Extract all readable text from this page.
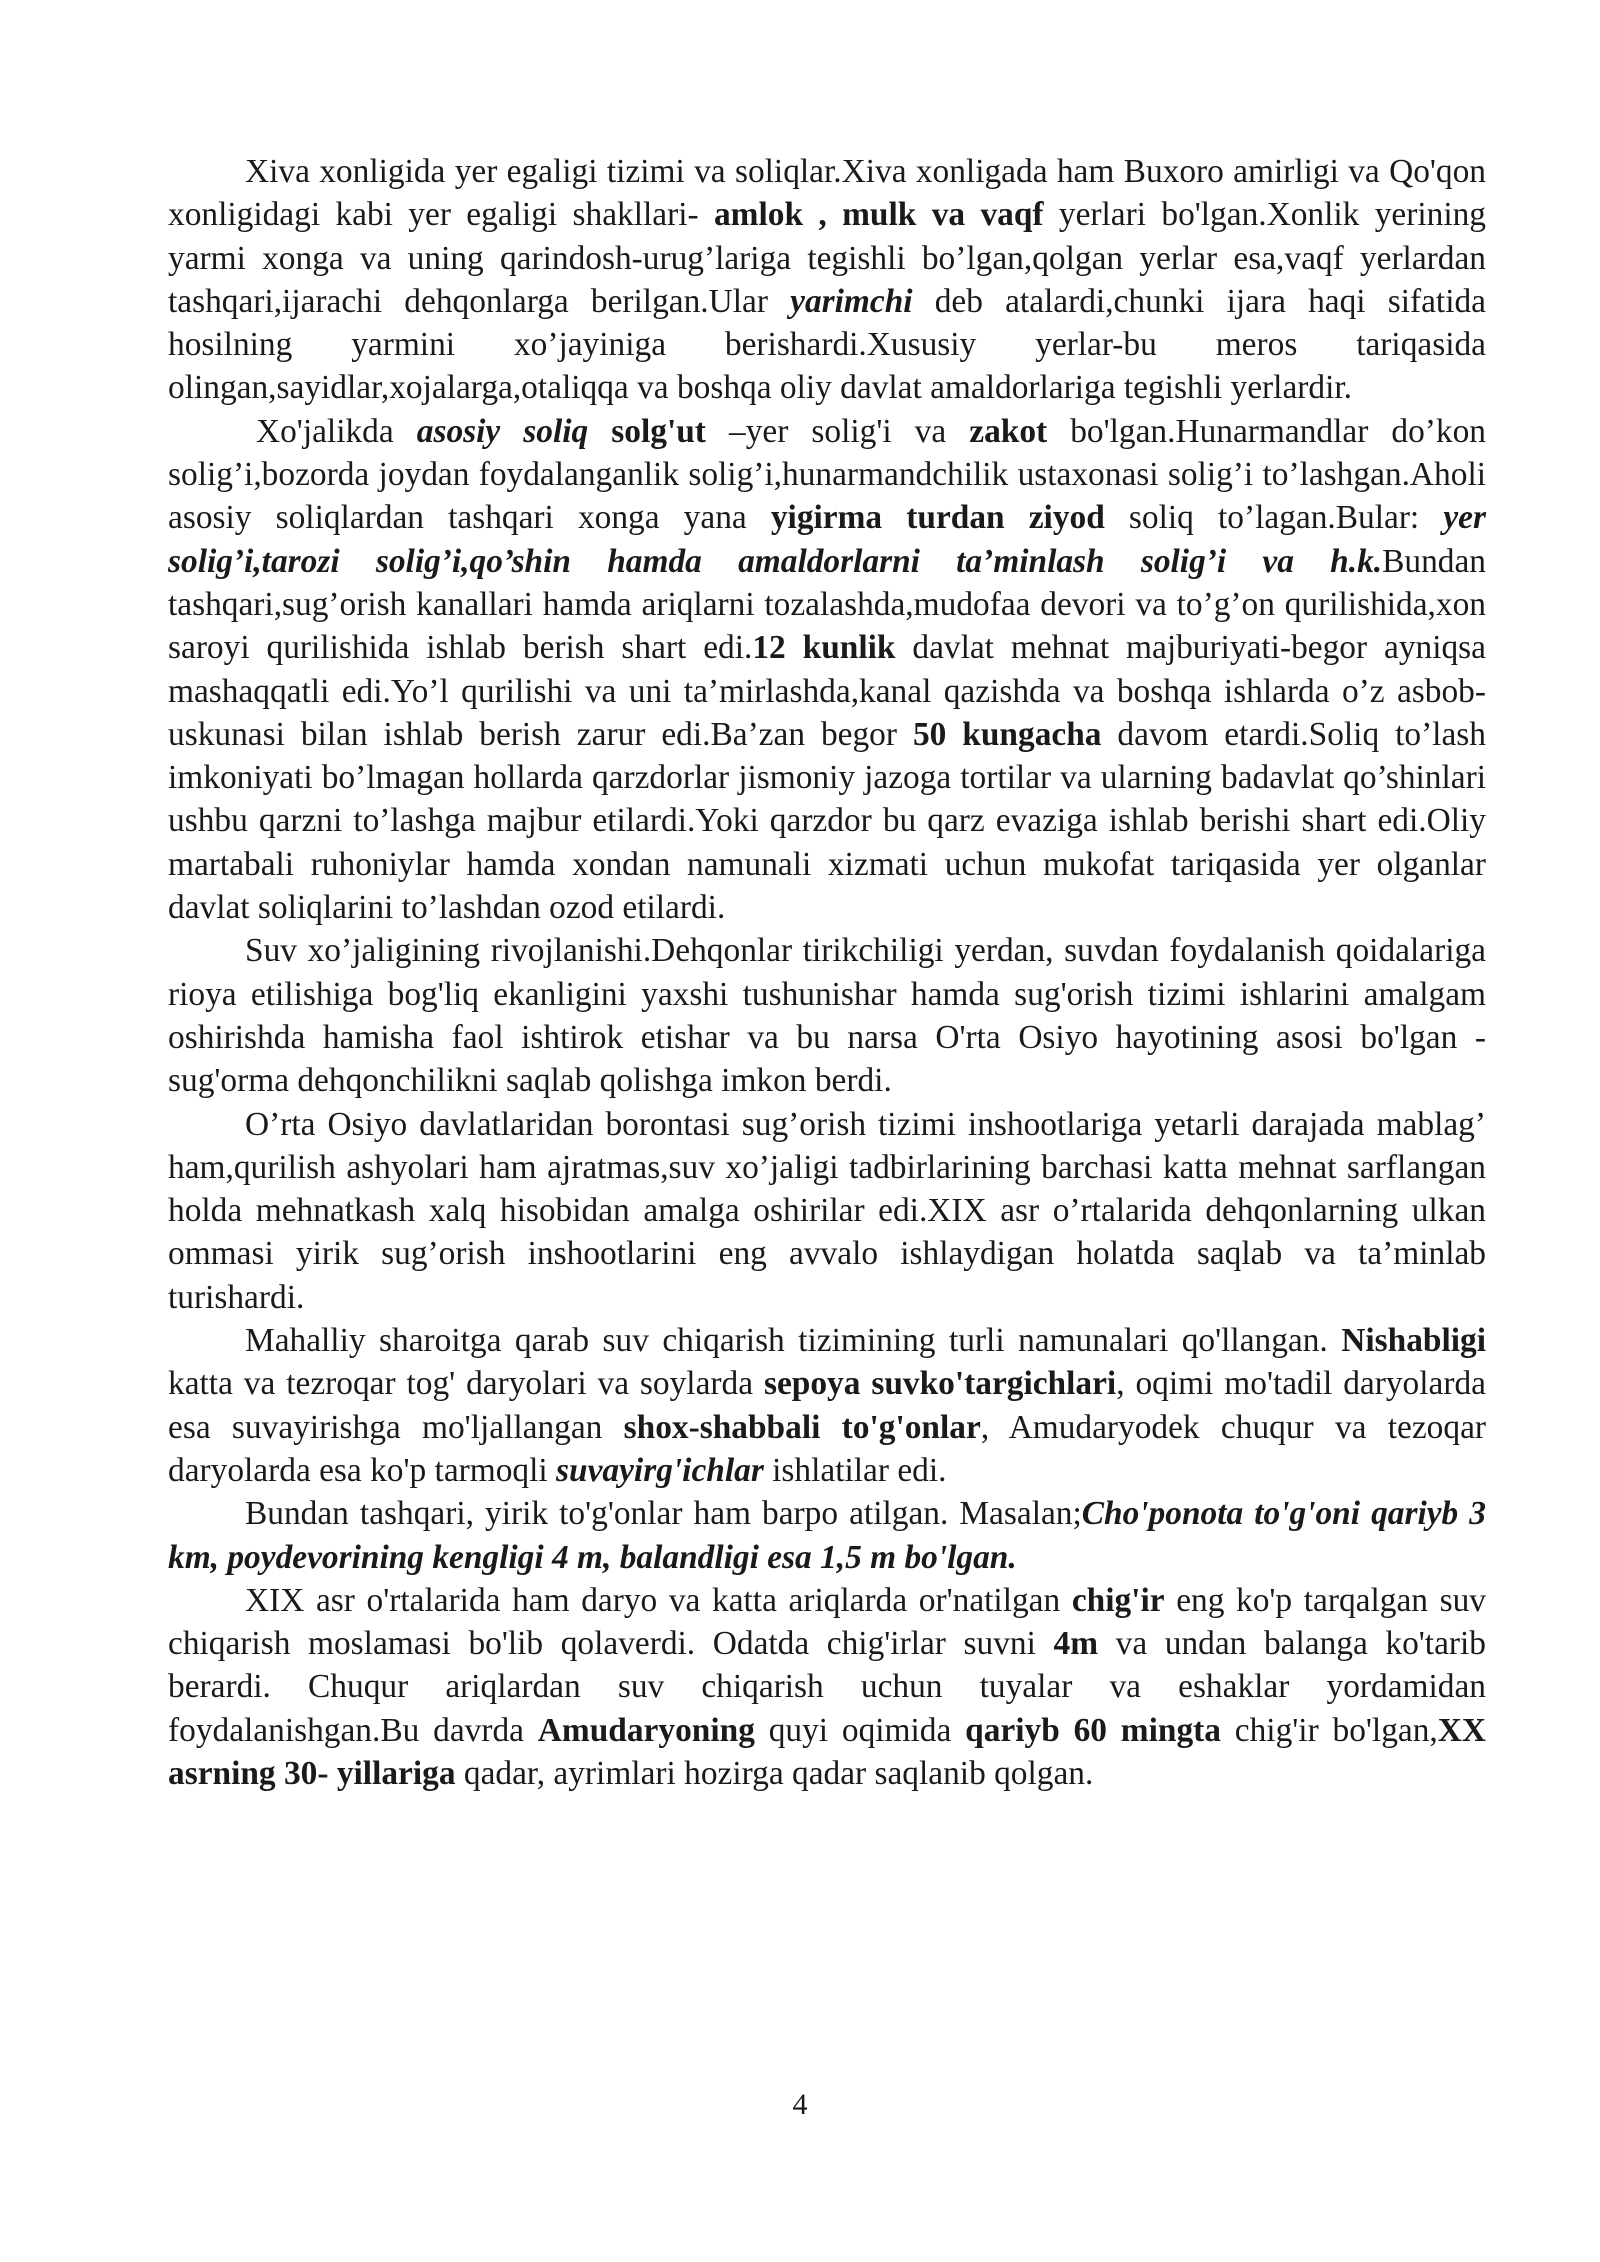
Xiva xonligida yer egaligi tizimi va soliqlar.Xiva xonligada ham Buxoro amirligi va Qo'qon xonligidagi kabi yer egaligi shakllari- amlok , mulk va vaqf yerlari bo'lgan.Xonlik yerining yarmi xonga va uning qarindosh-urug’lariga tegishli bo’lgan,qolgan yerlar esa,vaqf yerlardan tashqari,ijarachi dehqonlarga berilgan.Ular yarimchi deb atalardi,chunki ijara haqi sifatida hosilning yarmini xo’jayiniga berishardi.Xususiy yerlar-bu meros tariqasida olingan,sayidlar,xojalarga,otaliqqa va boshqa oliy davlat amaldorlariga tegishli yerlardir.

Xo'jalikda asosiy soliq solg'ut –yer solig'i va zakot bo'lgan.Hunarmandlar do’kon solig’i,bozorda joydan foydalanganlik solig’i,hunarmandchilik ustaxonasi solig’i to’lashgan.Aholi asosiy soliqlardan tashqari xonga yana yigirma turdan ziyod soliq to’lagan.Bular: yer solig’i,tarozi solig’i,qo’shin hamda amaldorlarni ta’minlash solig’i va h.k.Bundan tashqari,sug’orish kanallari hamda ariqlarni tozalashda,mudofaa devori va to’g’on qurilishida,xon saroyi qurilishida ishlab berish shart edi.12 kunlik davlat mehnat majburiyati-begor ayniqsa mashaqqatli edi.Yo’l qurilishi va uni ta’mirlashda,kanal qazishda va boshqa ishlarda o’z asbob-uskunasi bilan ishlab berish zarur edi.Ba’zan begor 50 kungacha davom etardi.Soliq to’lash imkoniyati bo’lmagan hollarda qarzdorlar jismoniy jazoga tortilar va ularning badavlat qo’shinlari ushbu qarzni to’lashga majbur etilardi.Yoki qarzdor bu qarz evaziga ishlab berishi shart edi.Oliy martabali ruhoniylar hamda xondan namunali xizmati uchun mukofat tariqasida yer olganlar davlat soliqlarini to’lashdan ozod etilardi.

Suv xo’jaligining rivojlanishi.Dehqonlar tirikchiligi yerdan, suvdan foydalanish qoidalariga rioya etilishiga bog'liq ekanligini yaxshi tushunishar hamda sug'orish tizimi ishlarini amalgam oshirishda hamisha faol ishtirok etishar va bu narsa O'rta Osiyo hayotining asosi bo'lgan - sug'orma dehqonchilikni saqlab qolishga imkon berdi.

O’rta Osiyo davlatlaridan borontasi sug’orish tizimi inshootlariga yetarli darajada mablag’ ham,qurilish ashyolari ham ajratmas,suv xo’jaligi tadbirlarining barchasi katta mehnat sarflangan holda mehnatkash xalq hisobidan amalga oshirilar edi.XIX asr o’rtalarida dehqonlarning ulkan ommasi yirik sug’orish inshootlarini eng avvalo ishlaydigan holatda saqlab va ta’minlab turishardi.

Mahalliy sharoitga qarab suv chiqarish tizimining turli namunalari qo'llangan. Nishabligi katta va tezroqar tog' daryolari va soylarda sepoya suvko'targichlari, oqimi mo'tadil daryolarda esa suvayirishga mo'ljallangan shox-shabbali to'g'onlar, Amudaryodek chuqur va tezoqar daryolarda esa ko'p tarmoqli suvayirg'ichlar ishlatilar edi.

Bundan tashqari, yirik to'g'onlar ham barpo atilgan. Masalan;Cho'ponota to'g'oni qariyb 3 km, poydevorining kengligi 4 m, balandligi esa 1,5 m bo'lgan.

XIX asr o'rtalarida ham daryo va katta ariqlarda or'natilgan chig'ir eng ko'p tarqalgan suv chiqarish moslamasi bo'lib qolaverdi. Odatda chig'irlar suvni 4m va undan balanga ko'tarib berardi. Chuqur ariqlardan suv chiqarish uchun tuyalar va eshaklar yordamidan foydalanishgan.Bu davrda Amudaryoning quyi oqimida qariyb 60 mingta chig'ir bo'lgan,XX asrning 30- yillariga qadar, ayrimlari hozirga qadar saqlanib qolgan.

4
